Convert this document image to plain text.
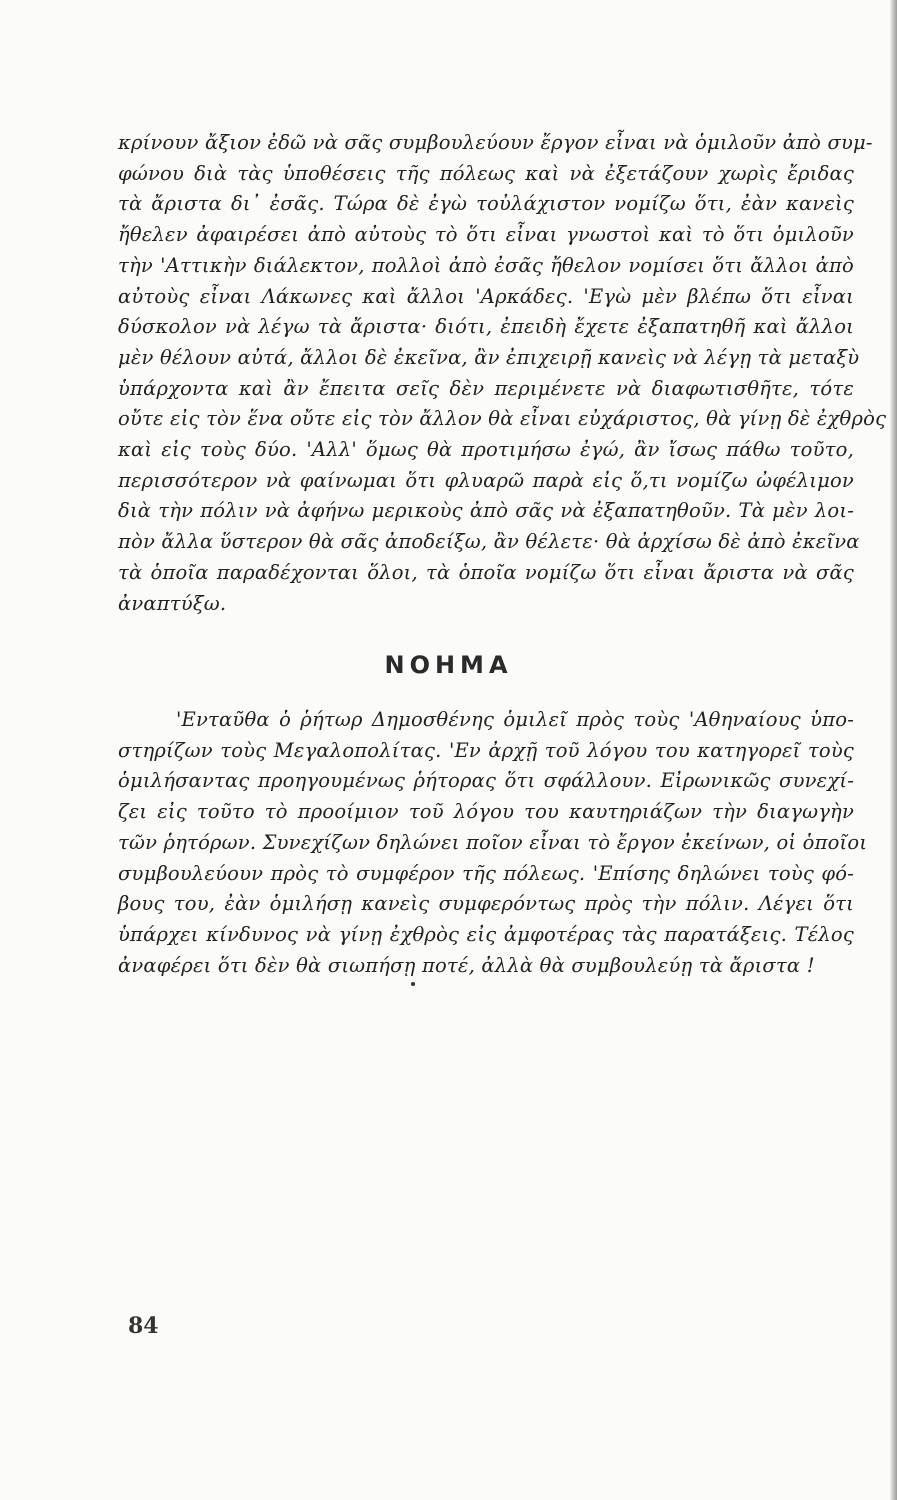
κρίνουν ἄξιον ἐδῶ νὰ σᾶς συμβουλεύουν ἔργον εἶναι νὰ ὁμιλοῦν ἀπὸ συμ-
φώνου διὰ τὰς ὑποθέσεις τῆς πόλεως καὶ νὰ ἐξετάζουν χωρὶς ἔριδας
τὰ ἄριστα δι᾽ ἐσᾶς. Τώρα δὲ ἐγὼ τοὐλάχιστον νομίζω ὅτι, ἐὰν κανεὶς
ἤθελεν ἀφαιρέσει ἀπὸ αὐτοὺς τὸ ὅτι εἶναι γνωστοὶ καὶ τὸ ὅτι ὁμιλοῦν
τὴν 'Αττικὴν διάλεκτον, πολλοὶ ἀπὸ ἐσᾶς ἤθελον νομίσει ὅτι ἄλλοι ἀπὸ
αὐτοὺς εἶναι Λάκωνες καὶ ἄλλοι 'Αρκάδες. 'Εγὼ μὲν βλέπω ὅτι εἶναι
δύσκολον νὰ λέγω τὰ ἄριστα· διότι, ἐπειδὴ ἔχετε ἐξαπατηθῆ καὶ ἄλλοι
μὲν θέλουν αὐτά, ἄλλοι δὲ ἐκεῖνα, ἂν ἐπιχειρῇ κανεὶς νὰ λέγῃ τὰ μεταξὺ
ὑπάρχοντα καὶ ἂν ἔπειτα σεῖς δὲν περιμένετε νὰ διαφωτισθῆτε, τότε
οὔτε εἰς τὸν ἕνα οὔτε εἰς τὸν ἄλλον θὰ εἶναι εὐχάριστος, θὰ γίνῃ δὲ ἐχθρὸς
καὶ εἰς τοὺς δύο. 'Αλλ' ὅμως θὰ προτιμήσω ἐγώ, ἂν ἴσως πάθω τοῦτο,
περισσότερον νὰ φαίνωμαι ὅτι φλυαρῶ παρὰ εἰς ὅ,τι νομίζω ὠφέλιμον
διὰ τὴν πόλιν νὰ ἀφήνω μερικοὺς ἀπὸ σᾶς νὰ ἐξαπατηθοῦν. Τὰ μὲν λοι-
πὸν ἄλλα ὕστερον θὰ σᾶς ἀποδείξω, ἂν θέλετε· θὰ ἀρχίσω δὲ ἀπὸ ἐκεῖνα
τὰ ὁποῖα παραδέχονται ὅλοι, τὰ ὁποῖα νομίζω ὅτι εἶναι ἄριστα νὰ σᾶς
ἀναπτύξω.
ΝΟΗΜΑ
'Ενταῦθα ὁ ῥήτωρ Δημοσθένης ὁμιλεῖ πρὸς τοὺς 'Αθηναίους ὑπο-
στηρίζων τοὺς Μεγαλοπολίτας. 'Εν ἀρχῇ τοῦ λόγου του κατηγορεῖ τοὺς
ὁμιλήσαντας προηγουμένως ῥήτορας ὅτι σφάλλουν. Εἰρωνικῶς συνεχί-
ζει εἰς τοῦτο τὸ προοίμιον τοῦ λόγου του καυτηριάζων τὴν διαγωγὴν
τῶν ῥητόρων. Συνεχίζων δηλώνει ποῖον εἶναι τὸ ἔργον ἐκείνων, οἱ ὁποῖοι
συμβουλεύουν πρὸς τὸ συμφέρον τῆς πόλεως. 'Επίσης δηλώνει τοὺς φό-
βους του, ἐὰν ὁμιλήσῃ κανεὶς συμφερόντως πρὸς τὴν πόλιν. Λέγει ὅτι
ὑπάρχει κίνδυνος νὰ γίνῃ ἐχθρὸς εἰς ἀμφοτέρας τὰς παρατάξεις. Τέλος
ἀναφέρει ὅτι δὲν θὰ σιωπήσῃ ποτέ, ἀλλὰ θὰ συμβουλεύῃ τὰ ἄριστα !
84
